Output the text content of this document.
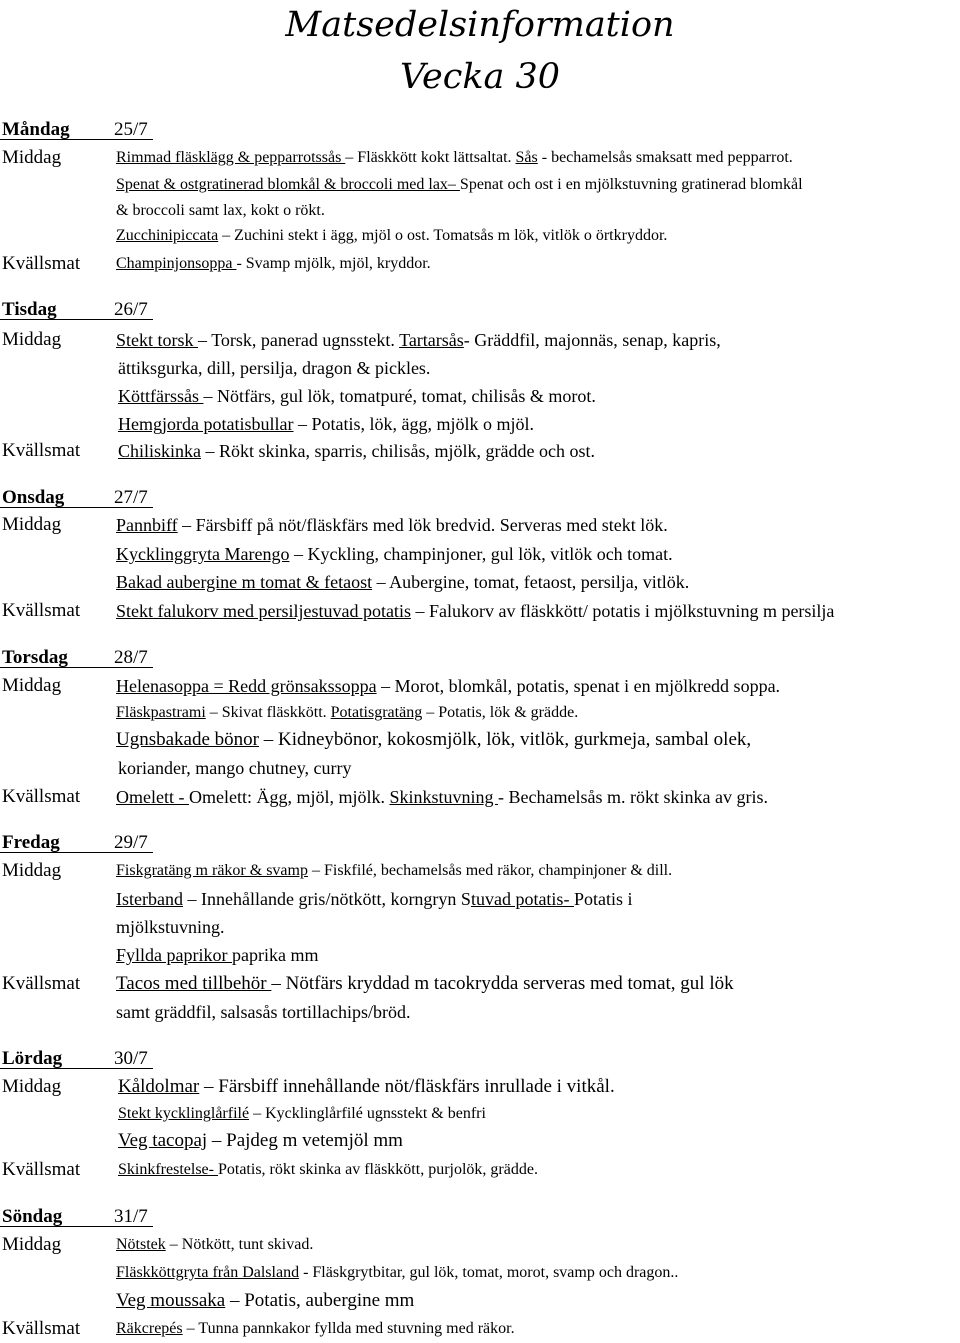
Matsedelsinformation
Vecka 30
Måndag 25/7
Middag	Rimmad fläsklägg & pepparrotssås – Fläskkött kokt lättsaltat. Sås - bechamelsås smaksatt med pepparrot.
Spenat & ostgratinerad blomkål & broccoli med lax– Spenat och ost i en mjölkstuvning gratinerad blomkål
& broccoli samt lax, kokt o rökt.
Zucchinipiccata – Zuchini stekt i ägg, mjöl o ost. Tomatsås m lök, vitlök o örtkryddor.
Kvällsmat Champinjonsoppa - Svamp mjölk, mjöl, kryddor.
Tisdag	26/7
Middag	Stekt torsk – Torsk, panerad ugnsstekt. Tartarsås- Gräddfil, majonnäs, senap, kapris,
ättiksgurka, dill, persilja, dragon & pickles.
Köttfärssås – Nötfärs, gul lök, tomatpuré, tomat, chilisås & morot.
Hemgjorda potatisbullar – Potatis, lök, ägg, mjölk o mjöl.
Kvällsmat Chiliskinka – Rökt skinka, sparris, chilisås, mjölk, grädde och ost.
Onsdag	27/7
Middag	Pannbiff – Färsbiff på nöt/fläskfärs med lök bredvid. Serveras med stekt lök.
Kycklinggryta Marengo – Kyckling, champinjoner, gul lök, vitlök och tomat.
Bakad aubergine m tomat & fetaost – Aubergine, tomat, fetaost, persilja, vitlök.
Kvällsmat Stekt falukorv med persiljestuvad potatis – Falukorv av fläskkött/ potatis i mjölkstuvning m persilja
Torsdag 28/7
Middag	Helenasoppa = Redd grönsakssoppa – Morot, blomkål, potatis, spenat i en mjölkredd soppa.
Fläskpastrami – Skivat fläskkött. Potatisgratäng – Potatis, lök & grädde.
Ugnsbakade bönor – Kidneybönor, kokosmjölk, lök, vitlök, gurkmeja, sambal olek,
koriander, mango chutney, curry
Kvällsmat Omelett - Omelett: Ägg, mjöl, mjölk. Skinkstuvning - Bechamelsås m. rökt skinka av gris.
Fredag	29/7
Middag	Fiskgratäng m räkor & svamp – Fiskfilé, bechamelsås med räkor, champinjoner & dill.
Isterband – Innehållande gris/nötkött, korngryn Stuvad potatis- Potatis i
mjölkstuvning.
Fyllda paprikor paprika mm
Kvällsmat Tacos med tillbehör – Nötfärs kryddad m tacokrydda serveras med tomat, gul lök
samt gräddfil, salsasås tortillachips/bröd.
Lördag	30/7
Middag	Kåldolmar – Färsbiff innehållande nöt/fläskfärs inrullade i vitkål.
Stekt kycklinglårfilé – Kycklinglårfilé ugnsstekt & benfri
Veg tacopaj – Pajdeg m vetemjöl mm
Kvällsmat Skinkfrestelse- Potatis, rökt skinka av fläskkött, purjolök, grädde.
Söndag	31/7
Middag	Nötstek – Nötkött, tunt skivad.
Fläskköttgryta från Dalsland - Fläskgrytbitar, gul lök, tomat, morot, svamp och dragon..
Veg moussaka – Potatis, aubergine mm
Kvällsmat Räkcrepés – Tunna pannkakor fyllda med stuvning med räkor.
